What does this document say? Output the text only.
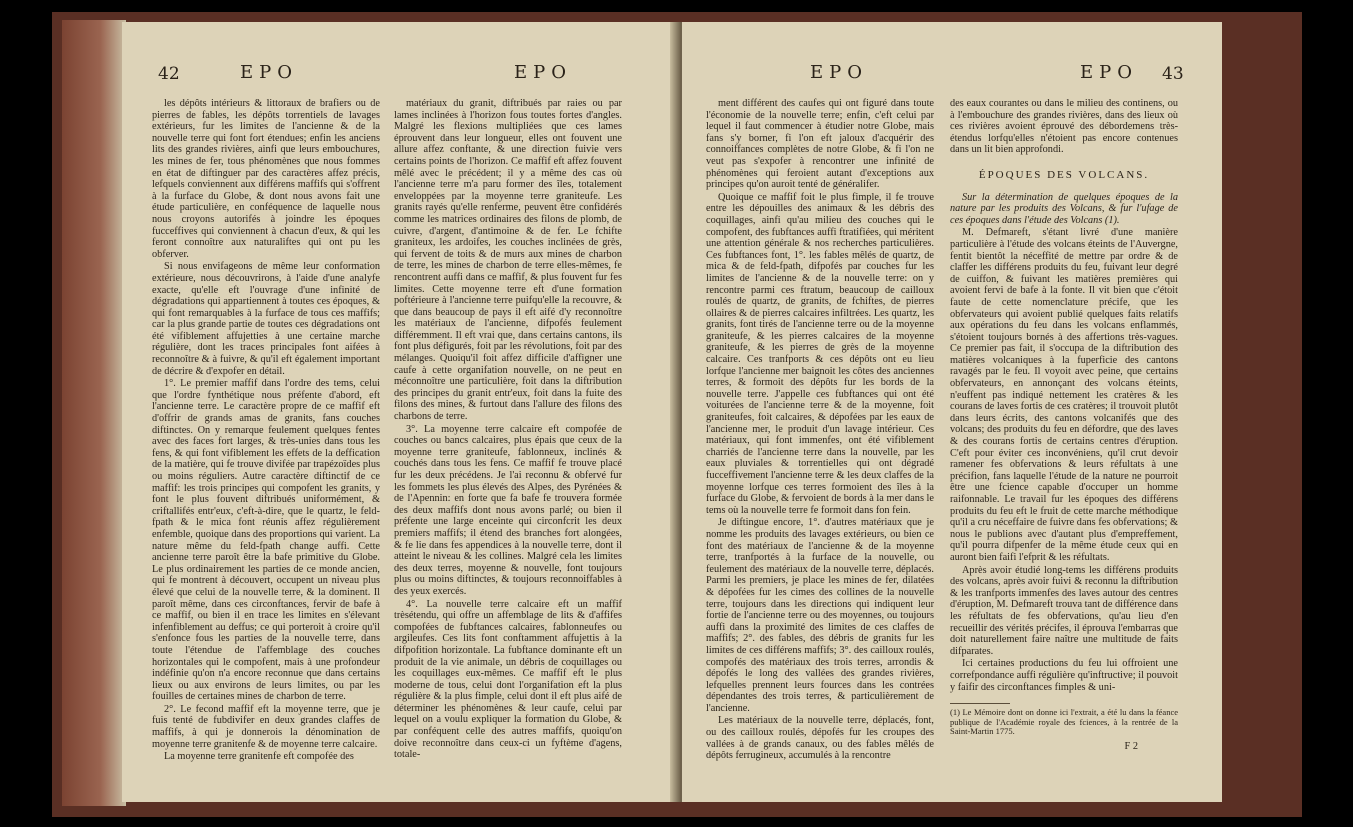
42	EPO	EPO

les dépôts intérieurs & littoraux de brafiers ou de pierres de fables, les dépôts torrentiels de lavages extérieurs, fur les limites de l'ancienne & de la nouvelle terre qui font fort étendues; enfin les anciens lits des grandes rivières, ainfi que leurs embouchures, les mines de fer, tous phénomènes que nous fommes en état de diftinguer par des caractères affez précis, lefquels conviennent aux différens maffifs qui s'offrent à la furface du Globe, & dont nous avons fait une étude particulière, en conféquence de laquelle nous nous croyons autorifés à joindre les époques fucceffives qui conviennent à chacun d'eux, & qui les feront connoître aux naturaliftes qui ont pu les obferver.

Si nous envifageons de même leur conformation extérieure, nous découvrirons, à l'aide d'une analyfe exacte, qu'elle eft l'ouvrage d'une infinité de dégradations qui appartiennent à toutes ces époques, & qui font remarquables à la furface de tous ces maffifs; car la plus grande partie de toutes ces dégradations ont été vifiblement affujetties à une certaine marche régulière, dont les traces principales font aifées à reconnoître & à fuivre, & qu'il eft également important de décrire & d'expofer en détail.

1°. Le premier maffif dans l'ordre des tems, celui que l'ordre fynthétique nous préfente d'abord, eft l'ancienne terre. Le caractère propre de ce maffif eft d'offrir de grands amas de granits, fans couches diftinctes. On y remarque feulement quelques fentes avec des faces fort larges, & très-unies dans tous les fens, & qui font vifiblement les effets de la deffication de la matière, qui fe trouve divifée par trapézoïdes plus ou moins réguliers. Autre caractère diftinctif de ce maffif: les trois principes qui compofent les granits, y font le plus fouvent diftribués uniformément, & criftallifés entr'eux, c'eft-à-dire, que le quartz, le feld-fpath & le mica font réunis affez régulièrement enfemble, quoique dans des proportions qui varient. La nature même du feld-fpath change auffi. Cette ancienne terre paroît être la bafe primitive du Globe. Le plus ordinairement les parties de ce monde ancien, qui fe montrent à découvert, occupent un niveau plus élevé que celui de la nouvelle terre, & la dominent. Il paroît même, dans ces circonftances, fervir de bafe à ce maffif, ou bien il en trace les limites en s'élevant infenfiblement au deffus; ce qui porteroit à croire qu'il s'enfonce fous les parties de la nouvelle terre, dans toute l'étendue de l'affemblage des couches horizontales qui le compofent, mais à une profondeur indéfinie qu'on n'a encore reconnue que dans certains lieux ou aux environs de leurs limites, ou par les fouilles de certaines mines de charbon de terre.

2°. Le fecond maffif eft la moyenne terre, que je fuis tenté de fubdivifer en deux grandes claffes de maffifs, à qui je donnerois la dénomination de moyenne terre granitenfe & de moyenne terre calcaire.

La moyenne terre granitenfe eft compofée des

matériaux du granit, diftribués par raies ou par lames inclinées à l'horizon fous toutes fortes d'angles. Malgré les flexions multipliées que ces lames éprouvent dans leur longueur, elles ont fouvent une allure affez conftante, & une direction fuivie vers certains points de l'horizon. Ce maffif eft affez fouvent mêlé avec le précédent; il y a même des cas où l'ancienne terre m'a paru former des îles, totalement enveloppées par la moyenne terre graniteufe. Les granits rayés qu'elle renferme, peuvent être confidérés comme les matrices ordinaires des filons de plomb, de cuivre, d'argent, d'antimoine & de fer. Le fchifte graniteux, les ardoifes, les couches inclinées de grès, qui fervent de toits & de murs aux mines de charbon de terre, les mines de charbon de terre elles-mêmes, fe rencontrent auffi dans ce maffif, & plus fouvent fur fes limites. Cette moyenne terre eft d'une formation poftérieure à l'ancienne terre puifqu'elle la recouvre, & que dans beaucoup de pays il eft aifé d'y reconnoître les matériaux de l'ancienne, difpofés feulement différemment. Il eft vrai que, dans certains cantons, ils font plus défigurés, foit par les révolutions, foit par des mélanges. Quoiqu'il foit affez difficile d'affigner une caufe à cette organifation nouvelle, on ne peut en méconnoître une particulière, foit dans la diftribution des principes du granit entr'eux, foit dans la fuite des filons des mines, & furtout dans l'allure des filons des charbons de terre.

3°. La moyenne terre calcaire eft compofée de couches ou bancs calcaires, plus épais que ceux de la moyenne terre graniteufe, fablonneux, inclinés & couchés dans tous les fens. Ce maffif fe trouve placé fur les deux précédens. Je l'ai reconnu & obfervé fur les fommets les plus élevés des Alpes, des Pyrénées & de l'Apennin: en forte que fa bafe fe trouvera formée des deux maffifs dont nous avons parlé; ou bien il préfente une large enceinte qui circonfcrit les deux premiers maffifs; il étend des branches fort alongées, & fe lie dans fes appendices à la nouvelle terre, dont il atteint le niveau & les collines. Malgré cela les limites des deux terres, moyenne & nouvelle, font toujours plus ou moins diftinctes, & toujours reconnoiffables à des yeux exercés.

4°. La nouvelle terre calcaire eft un maffif trèsétendu, qui offre un affemblage de lits & d'affifes compofées de fubftances calcaires, fablonneufes ou argileufes. Ces lits font conftamment affujettis à la difpofition horizontale. La fubftance dominante eft un produit de la vie animale, un débris de coquillages ou les coquillages eux-mêmes. Ce maffif eft le plus moderne de tous, celui dont l'organifation eft la plus régulière & la plus fimple, celui dont il eft plus aifé de déterminer les phénomènes & leur caufe, celui par lequel on a voulu expliquer la formation du Globe, & par conféquent celle des autres maffifs, quoiqu'on doive reconnoître dans ceux-ci un fyftème d'agens, totale-

EPO	EPO 43

ment différent des caufes qui ont figuré dans toute l'économie de la nouvelle terre; enfin, c'eft celui par lequel il faut commencer à étudier notre Globe, mais fans s'y borner, fi l'on eft jaloux d'acquérir des connoiffances complètes de notre Globe, & fi l'on ne veut pas s'expofer à rencontrer une infinité de phénomènes qui feroient autant d'exceptions aux principes qu'on auroit tenté de généralifer.

Quoique ce maffif foit le plus fimple, il fe trouve entre les dépouilles des animaux & les débris des coquillages, ainfi qu'au milieu des couches qui le compofent, des fubftances auffi ftratifiées, qui méritent une attention générale & nos recherches particulières. Ces fubftances font, 1°. les fables mêlés de quartz, de mica & de feld-fpath, difpofés par couches fur les limites de l'ancienne & de la nouvelle terre: on y rencontre parmi ces ftratum, beaucoup de cailloux roulés de quartz, de granits, de fchiftes, de pierres ollaires & de pierres calcaires infiltrées. Les quartz, les granits, font tirés de l'ancienne terre ou de la moyenne graniteufe, & les pierres calcaires de la moyenne graniteufe, & les pierres de grès de la moyenne calcaire. Ces tranfports & ces dépôts ont eu lieu lorfque l'ancienne mer baignoit les côtes des anciennes terres, & formoit des dépôts fur les bords de la nouvelle terre. J'appelle ces fubftances qui ont été voiturées de l'ancienne terre & de la moyenne, foit graniteufes, foit calcaires, & dépofées par les eaux de l'ancienne mer, le produit d'un lavage intérieur. Ces matériaux, qui font immenfes, ont été vifiblement charriés de l'ancienne terre dans la nouvelle, par les eaux pluviales & torrentielles qui ont dégradé fucceffivement l'ancienne terre & les deux claffes de la moyenne lorfque ces terres formoient des îles à la furface du Globe, & fervoient de bords à la mer dans le tems où la nouvelle terre fe formoit dans fon fein.

Je diftingue encore, 1°. d'autres matériaux que je nomme les produits des lavages extérieurs, ou bien ce font des matériaux de l'ancienne & de la moyenne terre, tranfportés à la furface de la nouvelle, ou feulement des matériaux de la nouvelle terre, déplacés. Parmi les premiers, je place les mines de fer, dilatées & dépofées fur les cimes des collines de la nouvelle terre, toujours dans les directions qui indiquent leur fortie de l'ancienne terre ou des moyennes, ou toujours auffi dans la proximité des limites de ces claffes de maffifs; 2°. des fables, des débris de granits fur les limites de ces différens maffifs; 3°. des cailloux roulés, compofés des matériaux des trois terres, arrondis & dépofés le long des vallées des grandes rivières, lefquelles prennent leurs fources dans les contrées dépendantes des trois terres, & particulièrement de l'ancienne.

Les matériaux de la nouvelle terre, déplacés, font, ou des cailloux roulés, dépofés fur les croupes des vallées à de grands canaux, ou des fables mêlés de dépôts ferrugineux, accumulés à la rencontre

des eaux courantes ou dans le milieu des continens, ou à l'embouchure des grandes rivières, dans des lieux où ces rivières avoient éprouvé des débordemens très-étendus lorfqu'elles n'étoient pas encore contenues dans un lit bien approfondi.

ÉPOQUES DES VOLCANS.

Sur la détermination de quelques époques de la nature par les produits des Volcans, & fur l'ufage de ces époques dans l'étude des Volcans (1).

M. Defmareft, s'étant livré d'une manière particulière à l'étude des volcans éteints de l'Auvergne, fentit bientôt la néceffité de mettre par ordre & de claffer les différens produits du feu, fuivant leur degré de cuiffon, & fuivant les matières premières qui avoient fervi de bafe à la fonte. Il vit bien que c'étoit faute de cette nomenclature précife, que les obfervateurs qui avoient publié quelques faits relatifs aux opérations du feu dans les volcans enflammés, s'étoient toujours bornés à des affertions très-vagues. Ce premier pas fait, il s'occupa de la diftribution des matières volcaniques à la fuperficie des cantons ravagés par le feu. Il voyoit avec peine, que certains obfervateurs, en annonçant des volcans éteints, n'euffent pas indiqué nettement les cratères & les courans de laves fortis de ces cratères; il trouvoit plutôt dans leurs écrits, des cantons volcanifés que des volcans; des produits du feu en défordre, que des laves & des courans fortis de certains centres d'éruption. C'eft pour éviter ces inconvéniens, qu'il crut devoir ramener fes obfervations & leurs réfultats à une précifion, fans laquelle l'étude de la nature ne pourroit être une fcience capable d'occuper un homme raifonnable. Le travail fur les époques des différens produits du feu eft le fruit de cette marche méthodique qu'il a cru néceffaire de fuivre dans fes obfervations; & nous le publions avec d'autant plus d'empreffement, qu'il pourra difpenfer de la même étude ceux qui en auront bien faifi l'efprit & les réfultats.

Après avoir étudié long-tems les différens produits des volcans, après avoir fuivi & reconnu la diftribution & les tranfports immenfes des laves autour des centres d'éruption, M. Defmareft trouva tant de différence dans les réfultats de fes obfervations, qu'au lieu d'en recueillir des vérités précifes, il éprouva l'embarras que doit naturellement faire naître une multitude de faits difparates.

Ici certaines productions du feu lui offroient une correfpondance auffi régulière qu'inftructive; il pouvoit y faifir des circonftances fimples & uni-

(1) Le Mémoire dont on donne ici l'extrait, a été lu dans la féance publique de l'Académie royale des fciences, à la rentrée de la Saint-Martin 1775.
F 2
